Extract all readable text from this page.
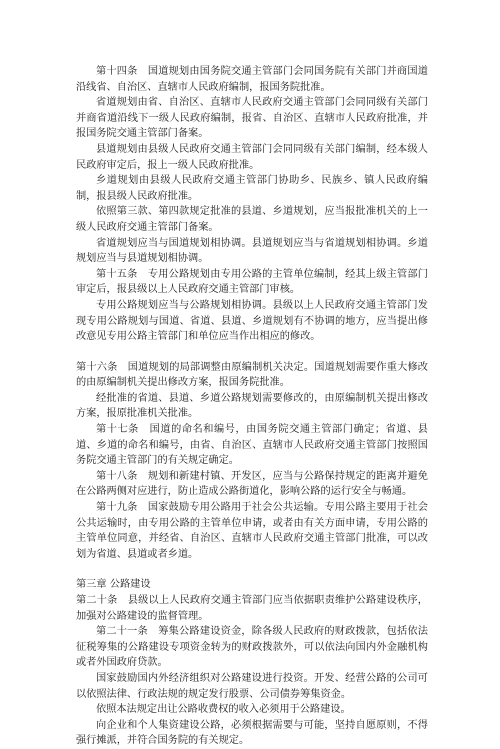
第十四条　国道规划由国务院交通主管部门会同国务院有关部门并商国道沿线省、自治区、直辖市人民政府编制，报国务院批准。

省道规划由省、自治区、直辖市人民政府交通主管部门会同同级有关部门并商省道沿线下一级人民政府编制，报省、自治区、直辖市人民政府批准，并报国务院交通主管部门备案。

县道规划由县级人民政府交通主管部门会同同级有关部门编制，经本级人民政府审定后，报上一级人民政府批准。

乡道规划由县级人民政府交通主管部门协助乡、民族乡、镇人民政府编制，报县级人民政府批准。

依照第三款、第四款规定批准的县道、乡道规划，应当报批准机关的上一级人民政府交通主管部门备案。

省道规划应当与国道规划相协调。县道规划应当与省道规划相协调。乡道规划应当与县道规划相协调。

第十五条　专用公路规划由专用公路的主管单位编制，经其上级主管部门审定后，报县级以上人民政府交通主管部门审核。

专用公路规划应当与公路规划相协调。县级以上人民政府交通主管部门发现专用公路规划与国道、省道、县道、乡道规划有不协调的地方，应当提出修改意见专用公路主管部门和单位应当作出相应的修改。

第十六条　国道规划的局部调整由原编制机关决定。国道规划需要作重大修改的由原编制机关提出修改方案，报国务院批准。

经批准的省道、县道、乡道公路规划需要修改的，由原编制机关提出修改方案，报原批准机关批准。

第十七条　国道的命名和编号，由国务院交通主管部门确定；省道、县道、乡道的命名和编号，由省、自治区、直辖市人民政府交通主管部门按照国务院交通主管部门的有关规定确定。

第十八条　规划和新建村镇、开发区，应当与公路保持规定的距离并避免在公路两侧对应进行，防止造成公路街道化，影响公路的运行安全与畅通。

第十九条　国家鼓励专用公路用于社会公共运输。专用公路主要用于社会公共运输时，由专用公路的主管单位申请，或者由有关方面申请，专用公路的主管单位同意，并经省、自治区、直辖市人民政府交通主管部门批准，可以改划为省道、县道或者乡道。

第三章 公路建设

第二十条　县级以上人民政府交通主管部门应当依据职责维护公路建设秩序，加强对公路建设的监督管理。

第二十一条　筹集公路建设资金，除各级人民政府的财政拨款，包括依法征税筹集的公路建设专项资金转为的财政拨款外，可以依法向国内外金融机构或者外国政府贷款。

国家鼓励国内外经济组织对公路建设进行投资。开发、经营公路的公司可以依照法律、行政法规的规定发行股票、公司债券筹集资金。

依照本法规定出让公路收费权的收入必须用于公路建设。

向企业和个人集资建设公路，必须根据需要与可能，坚持自愿原则，不得强行摊派，并符合国务院的有关规定。
